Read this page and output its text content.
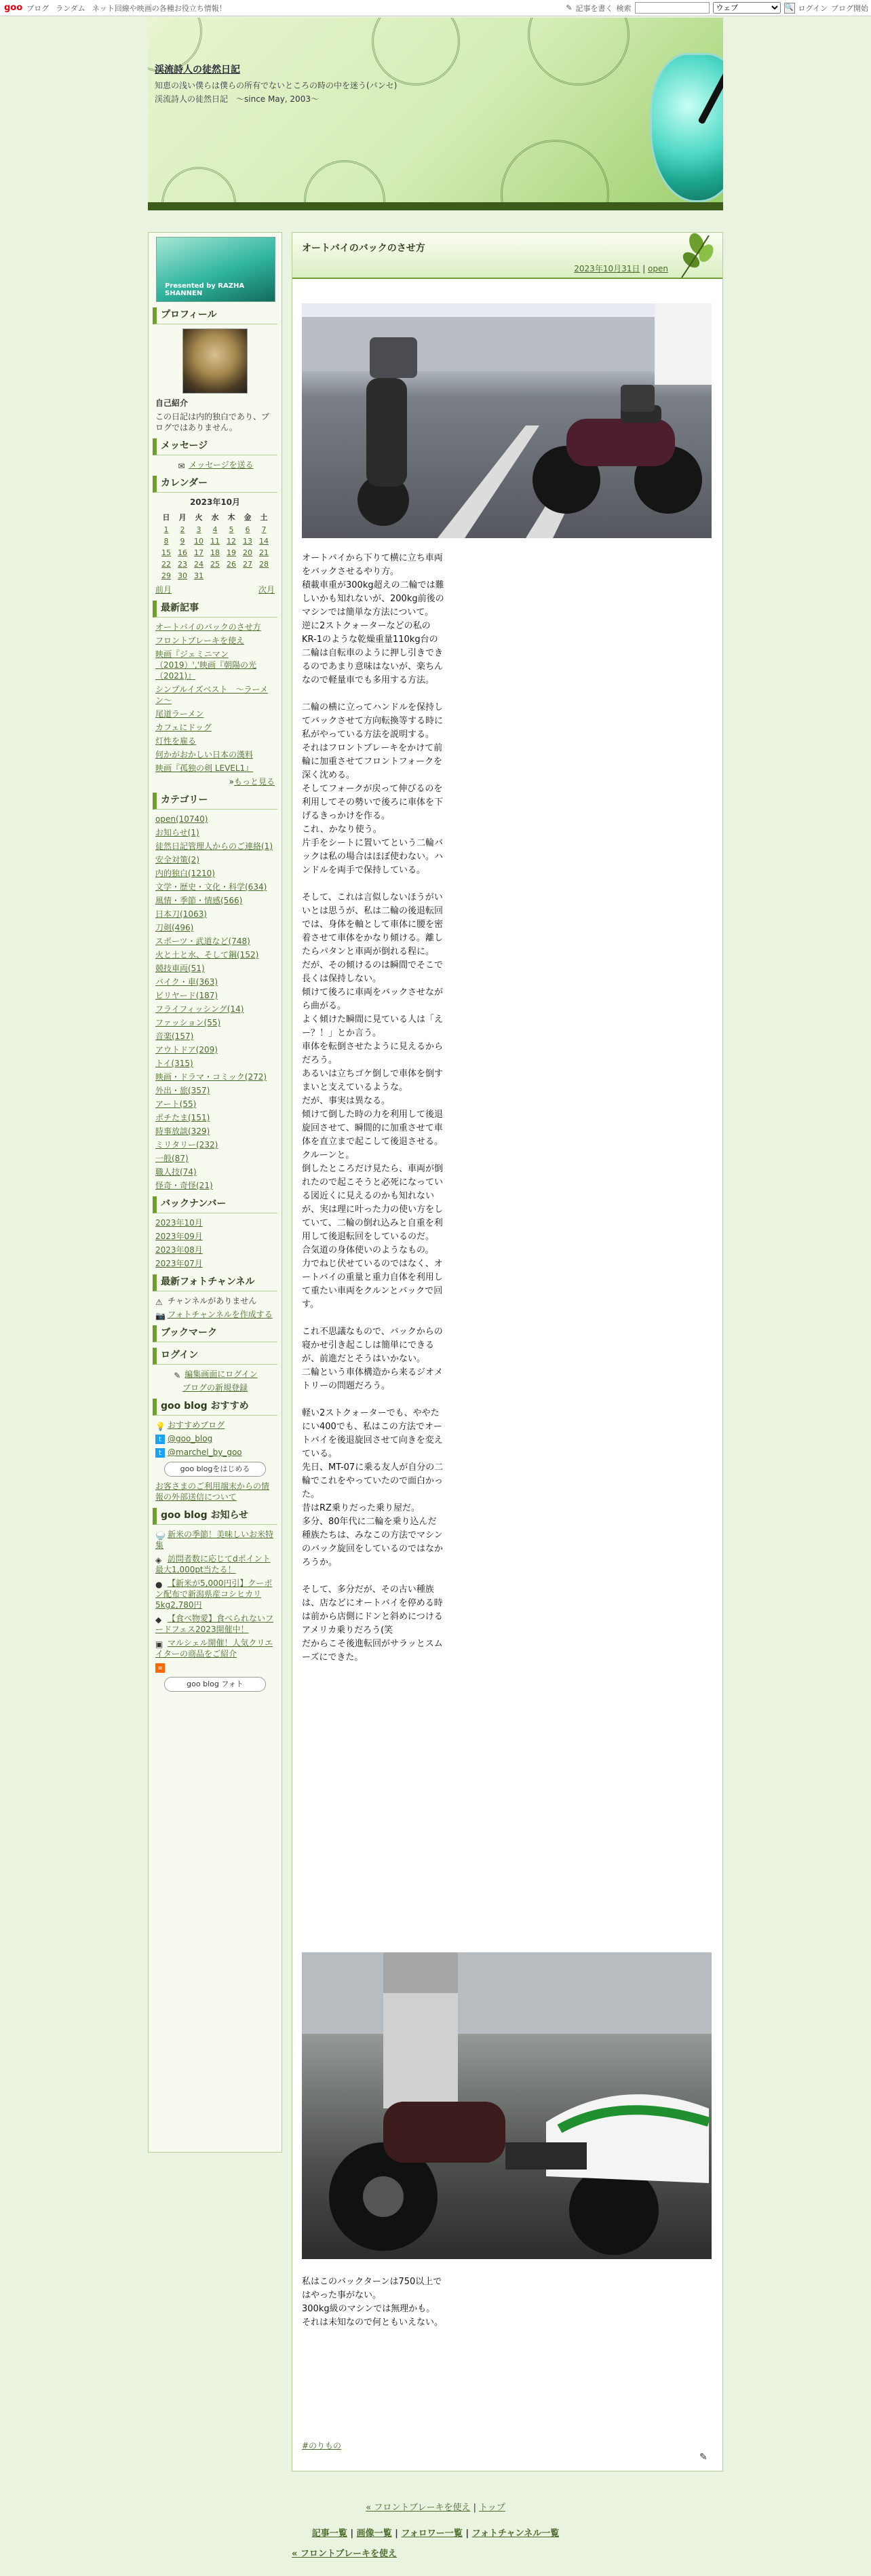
goo ブログ ランダム ネット回線や映画の各種お役立ち情報！	✎ 記事を書く 検索
ウェブ	🔍 ログイン ブログ開始
渓流詩人の徒然日記
知恵の浅い僕らは僕らの所有でないところの時の中を迷う(パンセ)　渓流詩人の徒然日記　～since May, 2003～
Presented by RAZHA SHANNEN
プロフィール
自己紹介
この日記は内的独白であり、ブログではありません。
メッセージ
✉ メッセージを送る
カレンダー
2023年10月
日	月	火	水	木	金	土
1	2	3	4	5	6	7
8	9	10	11	12	13	14
15	16	17	18	19	20	21
22	23	24	25	26	27	28
29	30	31				
前月	次月
最新記事
オートバイのバックのさせ方
フロントブレーキを使え
映画『ジェミニマン（2019）','映画『朝陽の光（2021)』
シンプルイズベスト　～ラーメン～
尾道ラーメン
カフェにドッグ
灯性を雇る
何かがおかしい日本の漢料
映画『孤独の剣 LEVEL1』
»もっと見る
カテゴリー
open(10740)
お知らせ(1)
徒然日記管理人からのご連絡(1)
安全対策(2)
内的独白(1210)
文学・歴史・文化・科学(634)
風情・季節・情感(566)
日本刀(1063)
刀剣(496)
スポーツ・武道など(748)
火と土と水、そして鋼(152)
競技車両(51)
バイク・車(363)
ビリヤード(187)
フライフィッシング(14)
ファッション(55)
音楽(157)
アウトドア(209)
トイ(315)
映画・ドラマ・コミック(272)
外出・旅(357)
アート(55)
ポチたま(151)
時事放談(329)
ミリタリー(232)
一般(87)
職人技(74)
怪奇・奇怪(21)
バックナンバー
2023年10月
2023年09月
2023年08月
2023年07月
最新フォトチャンネル
⚠ チャンネルがありません
📷 フォトチャンネルを作成する
ブックマーク
ログイン
✎ 編集画面にログイン
ブログの新規登録
goo blog おすすめ
💡 おすすめブログ
t @goo_blog
t @marchel_by_goo
goo blogをはじめる
お客さまのご利用端末からの情報の外部送信について
goo blog お知らせ
🍚 新米の季節！美味しいお米特集
◈ 訪問者数に応じてdポイント最大1,000pt当たる！
● 【新米が5,000円引】クーポン配布で新潟県産コシヒカリ5kg2,780円
◆ 【食べ物愛】食べられないフードフェス2023開催中！
▣ マルシェル開催！人気クリエイターの商品をご紹介
≋
goo blog フォト
オートバイのバックのさせ方
2023年10月31日 | open
オートバイから下りて横に立ち車両をバックさせるやり方。
積載車重が300kg超えの二輪では難しいかも知れないが、200kg前後のマシンでは簡単な方法について。
逆に2ストクォーターなどの私のKR-1のような乾燥重量110kg台の二輪は自転車のように押し引きできるのであまり意味はないが、楽ちんなので軽量車でも多用する方法。

二輪の横に立ってハンドルを保持してバックさせて方向転換等する時に私がやっている方法を説明する。
それはフロントブレーキをかけて前輪に加重させてフロントフォークを深く沈める。
そしてフォークが戻って伸びるのを利用してその勢いで後ろに車体を下げるきっかけを作る。
これ、かなり使う。
片手をシートに置いてという二輪バックは私の場合はほぼ使わない。ハンドルを両手で保持している。

そして、これは言似しないほうがいいとは思うが、私は二輪の後退転回では、身体を軸として車体に腰を密着させて車体をかなり傾ける。離したらパタンと車両が倒れる程に。
だが、その傾けるのは瞬間でそこで長くは保持しない。
傾けて後ろに車両をバックさせながら曲がる。
よく傾けた瞬間に見ている人は「えー？！」とか言う。
車体を転倒させたように見えるからだろう。
あるいは立ちゴケ倒しで車体を倒すまいと支えているような。
だが、事実は異なる。
傾けて倒した時の力を利用して後退旋回させて、瞬間的に加重させて車体を直立まで起こして後退させる。クルーンと。
倒したところだけ見たら、車両が倒れたので起こそうと必死になっている図近くに見えるのかも知れないが、実は理に叶った力の使い方をしていて、二輪の倒れ込みと自重を利用して後退転回をしているのだ。
合気道の身体使いのようなもの。
力でねじ伏せているのではなく、オートバイの重量と重力自体を利用して重たい車両をクルンとバックで回す。

これ不思議なもので、バックからの寝かせ引き起こしは簡単にできるが、前進だとそうはいかない。
二輪という車体構造から来るジオメトリーの問題だろう。

軽い2ストクォーターでも、ややたにい400でも、私はこの方法でオートバイを後退旋回させて向きを変えている。
先日、MT-07に乗る友人が自分の二輪でこれをやっていたので面白かった。
昔はRZ乗りだった乗り屋だ。
多分、80年代に二輪を乗り込んだ種族たちは、みなこの方法でマシンのバック旋回をしているのではなかろうか。

そして、多分だが、その古い種族は、店などにオートバイを停める時は前から店側にドンと斜めにつけるアメリカ乗りだろう(笑
だからこそ後進転回がサラッとスムーズにできた。
私はこのバックターンは750以上ではやった事がない。
300kg級のマシンでは無理かも。
それは未知なので何ともいえない。
#のりもの
✎
« フロントブレーキを使え | トップ
記事一覧 | 画像一覧 | フォロワー一覧 | フォトチャンネル一覧
« フロントブレーキを使え
